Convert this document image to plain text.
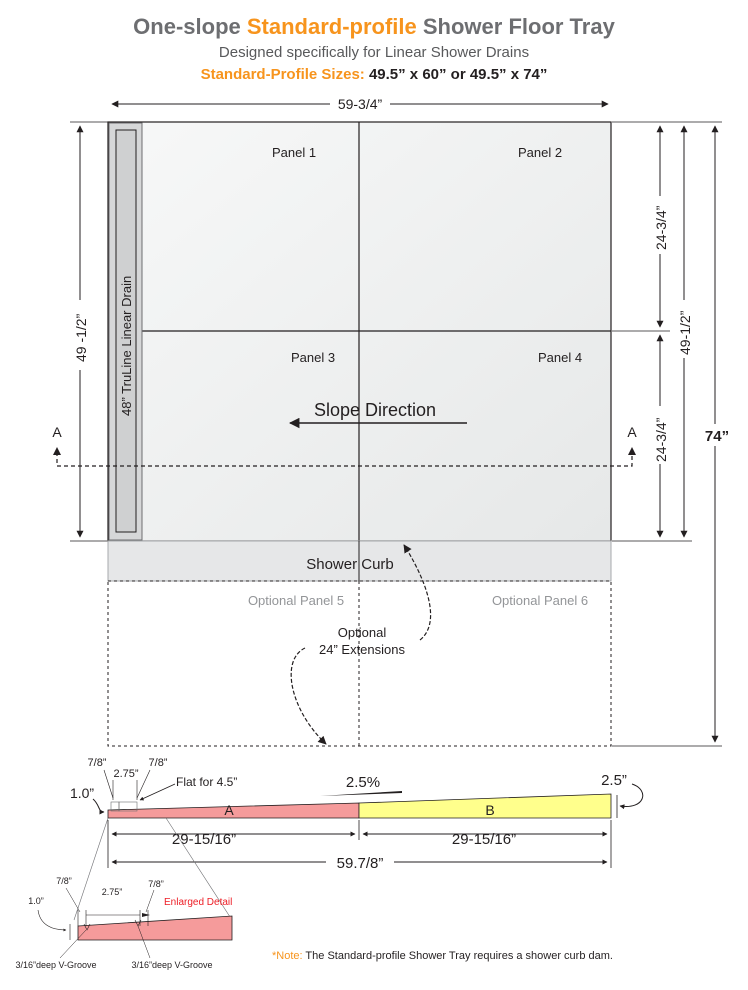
One-slope Standard-profile Shower Floor Tray
Designed specifically for Linear Shower Drains
Standard-Profile Sizes: 49.5” x 60” or 49.5” x 74”
59-3/4”
Panel 1	Panel 2
Panel 3	Panel 4
48” TruLine Linear Drain	Slope Direction
A	A
49 -1/2”
24-3/4”
24-3/4”
49-1/2”
74”
Shower Curb
Optional Panel 5	Optional Panel 6
Optional
24” Extensions
A	B
7/8”
2.75”
7/8”
Flat for 4.5”	2.5%
1.0”
2.5”
29-15/16”	29-15/16”
59.7/8”
7/8”
2.75”
7/8”
1.0”	Enlarged Detail
3/16”deep V-Groove	3/16”deep V-Groove
*Note: The Standard-profile Shower Tray requires a shower curb dam.
